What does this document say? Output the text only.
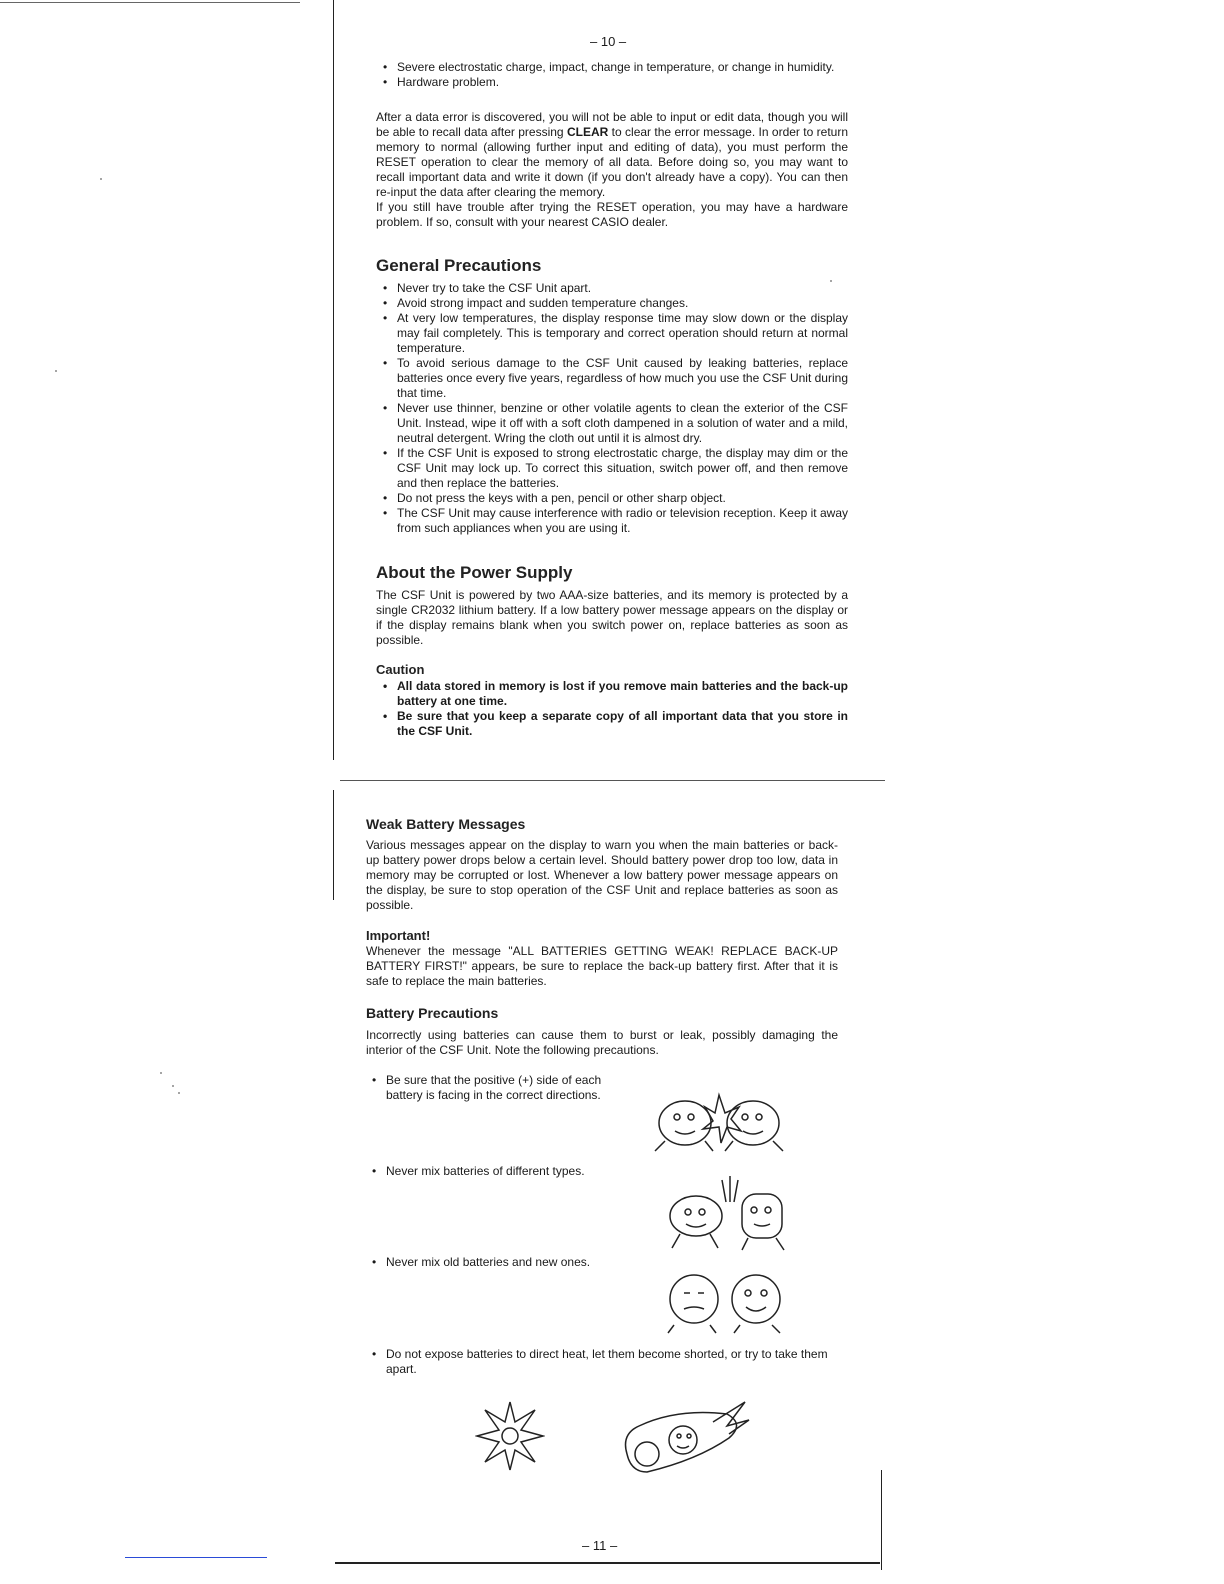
– 10 –
• Severe electrostatic charge, impact, change in temperature, or change in humidity.
• Hardware problem.

After a data error is discovered, you will not be able to input or edit data, though you will be able to recall data after pressing CLEAR to clear the error message. In order to return memory to normal (allowing further input and editing of data), you must perform the RESET operation to clear the memory of all data. Before doing so, you may want to recall important data and write it down (if you don't already have a copy). You can then re-input the data after clearing the memory.

If you still have trouble after trying the RESET operation, you may have a hardware problem. If so, consult with your nearest CASIO dealer.

General Precautions
• Never try to take the CSF Unit apart.
• Avoid strong impact and sudden temperature changes.
• At very low temperatures, the display response time may slow down or the display may fail completely. This is temporary and correct operation should return at normal temperature.
• To avoid serious damage to the CSF Unit caused by leaking batteries, replace batteries once every five years, regardless of how much you use the CSF Unit during that time.
• Never use thinner, benzine or other volatile agents to clean the exterior of the CSF Unit. Instead, wipe it off with a soft cloth dampened in a solution of water and a mild, neutral detergent. Wring the cloth out until it is almost dry.
• If the CSF Unit is exposed to strong electrostatic charge, the display may dim or the CSF Unit may lock up. To correct this situation, switch power off, and then remove and then replace the batteries.
• Do not press the keys with a pen, pencil or other sharp object.
• The CSF Unit may cause interference with radio or television reception. Keep it away from such appliances when you are using it.
About the Power Supply
The CSF Unit is powered by two AAA-size batteries, and its memory is protected by a single CR2032 lithium battery. If a low battery power message appears on the display or if the display remains blank when you switch power on, replace batteries as soon as possible.
Caution
• All data stored in memory is lost if you remove main batteries and the back-up battery at one time.
• Be sure that you keep a separate copy of all important data that you store in the CSF Unit.
Weak Battery Messages
Various messages appear on the display to warn you when the main batteries or back-up battery power drops below a certain level. Should battery power drop too low, data in memory may be corrupted or lost. Whenever a low battery power message appears on the display, be sure to stop operation of the CSF Unit and replace batteries as soon as possible.
Important!
Whenever the message "ALL BATTERIES GETTING WEAK! REPLACE BACK-UP BATTERY FIRST!" appears, be sure to replace the back-up battery first. After that it is safe to replace the main batteries.
Battery Precautions
Incorrectly using batteries can cause them to burst or leak, possibly damaging the interior of the CSF Unit. Note the following precautions.
• Be sure that the positive (+) side of each battery is facing in the correct directions.
• Never mix batteries of different types.
• Never mix old batteries and new ones.
• Do not expose batteries to direct heat, let them become shorted, or try to take them apart.
– 11 –
